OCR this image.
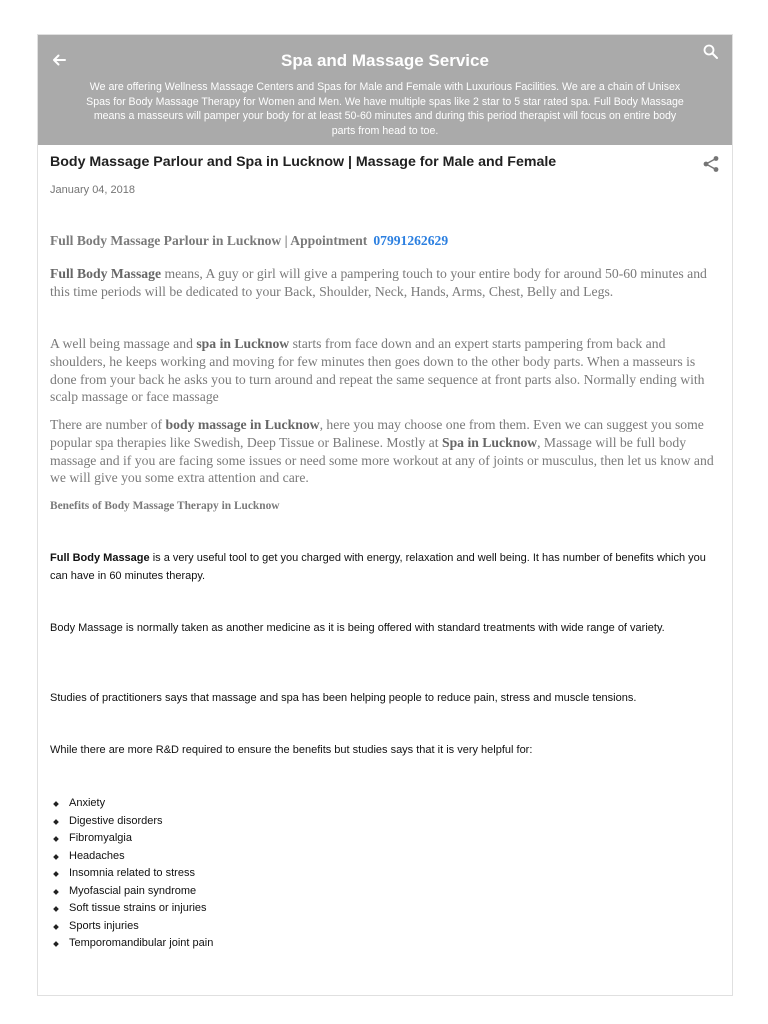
Spa and Massage Service
We are offering Wellness Massage Centers and Spas for Male and Female with Luxurious Facilities. We are a chain of Unisex Spas for Body Massage Therapy for Women and Men. We have multiple spas like 2 star to 5 star rated spa. Full Body Massage means a masseurs will pamper your body for at least 50-60 minutes and during this period therapist will focus on entire body parts from head to toe.
Body Massage Parlour and Spa in Lucknow | Massage for Male and Female
January 04, 2018
Full Body Massage Parlour in Lucknow | Appointment 07991262629

Full Body Massage means, A guy or girl will give a pampering touch to your entire body for around 50-60 minutes and this time periods will be dedicated to your Back, Shoulder, Neck, Hands, Arms, Chest, Belly and Legs.

A well being massage and spa in Lucknow starts from face down and an expert starts pampering from back and shoulders, he keeps working and moving for few minutes then goes down to the other body parts. When a masseurs is done from your back he asks you to turn around and repeat the same sequence at front parts also. Normally ending with scalp massage or face massage

There are number of body massage in Lucknow, here you may choose one from them. Even we can suggest you some popular spa therapies like Swedish, Deep Tissue or Balinese. Mostly at Spa in Lucknow, Massage will be full body massage and if you are facing some issues or need some more workout at any of joints or musculus, then let us know and we will give you some extra attention and care.

Benefits of Body Massage Therapy in Lucknow

Full Body Massage is a very useful tool to get you charged with energy, relaxation and well being. It has number of benefits which you can have in 60 minutes therapy.

Body Massage is normally taken as another medicine as it is being offered with standard treatments with wide range of variety.

Studies of practitioners says that massage and spa has been helping people to reduce pain, stress and muscle tensions.

While there are more R&D required to ensure the benefits but studies says that it is very helpful for:

Anxiety
Digestive disorders
Fibromyalgia
Headaches
Insomnia related to stress
Myofascial pain syndrome
Soft tissue strains or injuries
Sports injuries
Temporomandibular joint pain
